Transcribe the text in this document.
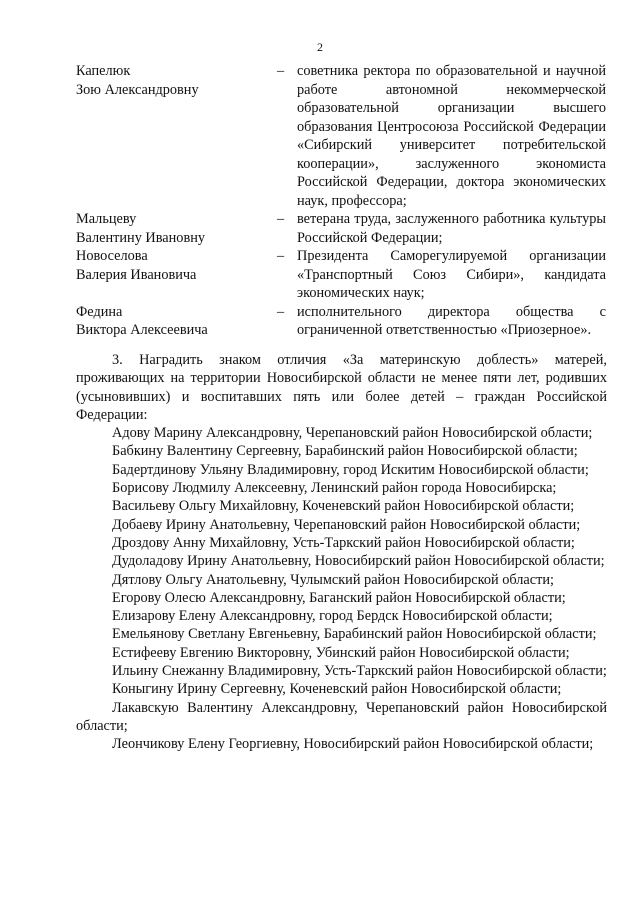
2
Капелюк
Зою Александровну
– советника ректора по образовательной и научной работе автономной некоммерческой образовательной организации высшего образования Центросоюза Российской Федерации «Сибирский университет потребительской кооперации», заслуженного экономиста Российской Федерации, доктора экономических наук, профессора;
Мальцеву
Валентину Ивановну
– ветерана труда, заслуженного работника культуры Российской Федерации;
Новоселова
Валерия Ивановича
– Президента Саморегулируемой организации «Транспортный Союз Сибири», кандидата экономических наук;
Федина
Виктора Алексеевича
– исполнительного директора общества с ограниченной ответственностью «Приозерное».
3. Наградить знаком отличия «За материнскую доблесть» матерей, проживающих на территории Новосибирской области не менее пяти лет, родивших (усыновивших) и воспитавших пять или более детей – граждан Российской Федерации:
Адову Марину Александровну, Черепановский район Новосибирской области;
Бабкину Валентину Сергеевну, Барабинский район Новосибирской области;
Бадертдинову Ульяну Владимировну, город Искитим Новосибирской области;
Борисову Людмилу Алексеевну, Ленинский район города Новосибирска;
Васильеву Ольгу Михайловну, Коченевский район Новосибирской области;
Добаеву Ирину Анатольевну, Черепановский район Новосибирской области;
Дроздову Анну Михайловну, Усть-Таркский район Новосибирской области;
Дудоладову Ирину Анатольевну, Новосибирский район Новосибирской области;
Дятлову Ольгу Анатольевну, Чулымский район Новосибирской области;
Егорову Олесю Александровну, Баганский район Новосибирской области;
Елизарову Елену Александровну, город Бердск Новосибирской области;
Емельянову Светлану Евгеньевну, Барабинский район Новосибирской области;
Естифееву Евгению Викторовну, Убинский район Новосибирской области;
Ильину Снежанну Владимировну, Усть-Таркский район Новосибирской области;
Коныгину Ирину Сергеевну, Коченевский район Новосибирской области;
Лакавскую Валентину Александровну, Черепановский район Новосибирской области;
Леончикову Елену Георгиевну, Новосибирский район Новосибирской области;
